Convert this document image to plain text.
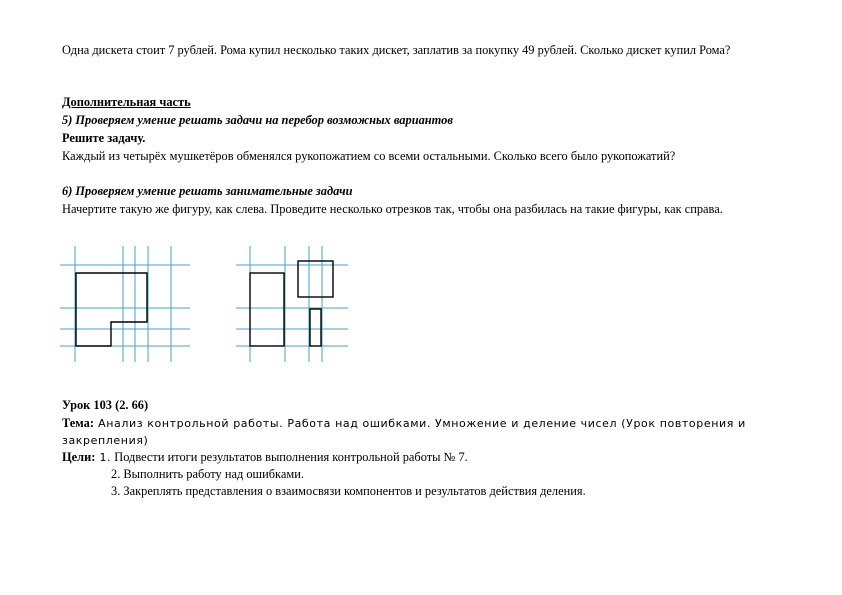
Одна дискета стоит 7 рублей. Рома купил несколько таких дискет, заплатив за покупку 49 рублей. Сколько дискет купил Рома?
Дополнительная часть
5) Проверяем умение решать задачи на перебор возможных вариантов
Решите задачу.
Каждый из четырёх мушкетёров обменялся рукопожатием со всеми остальными. Сколько всего было рукопожатий?
6) Проверяем умение решать занимательные задачи
Начертите такую же фигуру, как слева. Проведите несколько отрезков так, чтобы она разбилась на такие фигуры, как справа.
Урок 103 (2. 66)
Тема: Анализ контрольной работы. Работа над ошибками. Умножение и деление чисел (Урок повторения и закрепления)
Цели: 1. Подвести итоги результатов выполнения контрольной работы № 7.
2. Выполнить работу над ошибками.
3. Закреплять представления о взаимосвязи компонентов и результатов действия деления.
